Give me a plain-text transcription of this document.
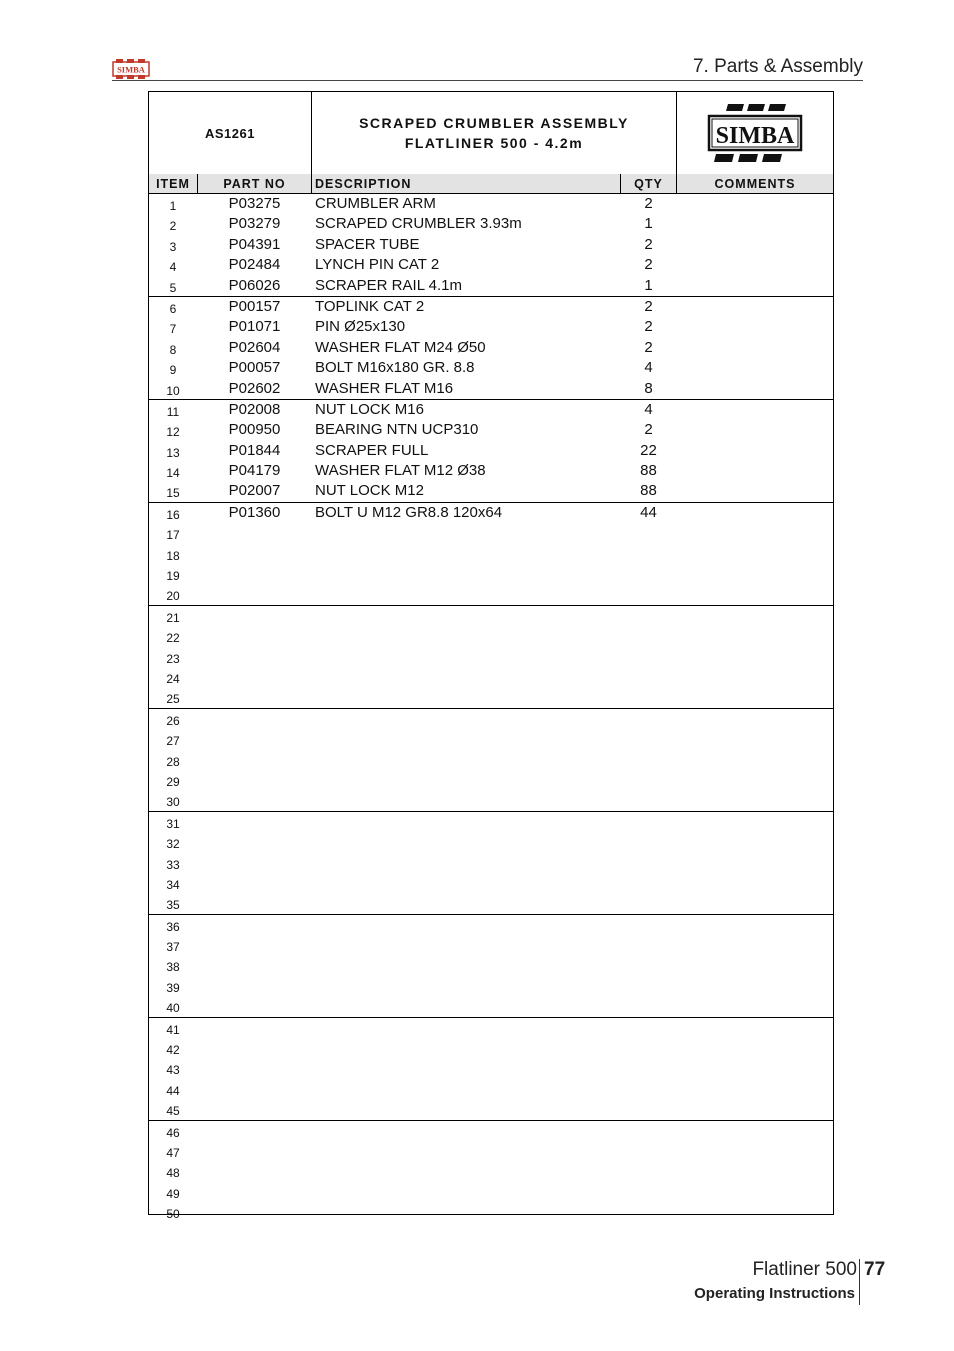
SIMBA	7. Parts & Assembly
AS1261
SCRAPED CRUMBLER ASSEMBLY
FLATLINER 500 - 4.2m	SIMBA
ITEM	PART NO	DESCRIPTION	QTY	COMMENTS
1	P03275	CRUMBLER ARM	2
2	P03279	SCRAPED CRUMBLER 3.93m	1
3	P04391	SPACER TUBE	2
4	P02484	LYNCH PIN CAT 2	2
5	P06026	SCRAPER RAIL 4.1m	1
6	P00157	TOPLINK CAT 2	2
7	P01071	PIN Ø25x130	2
8	P02604	WASHER FLAT M24 Ø50	2
9	P00057	BOLT M16x180 GR. 8.8	4
10	P02602	WASHER FLAT M16	8
11	P02008	NUT LOCK M16	4
12	P00950	BEARING NTN UCP310	2
13	P01844	SCRAPER FULL	22
14	P04179	WASHER FLAT M12 Ø38	88
15	P02007	NUT LOCK M12	88
16	P01360	BOLT U M12 GR8.8 120x64	44
17
18
19
20
21
22
23
24
25
26
27
28
29
30
31
32
33
34
35
36
37
38
39
40
41
42
43
44
45
46
47
48
49
50
Flatliner 500 77
Operating Instructions
